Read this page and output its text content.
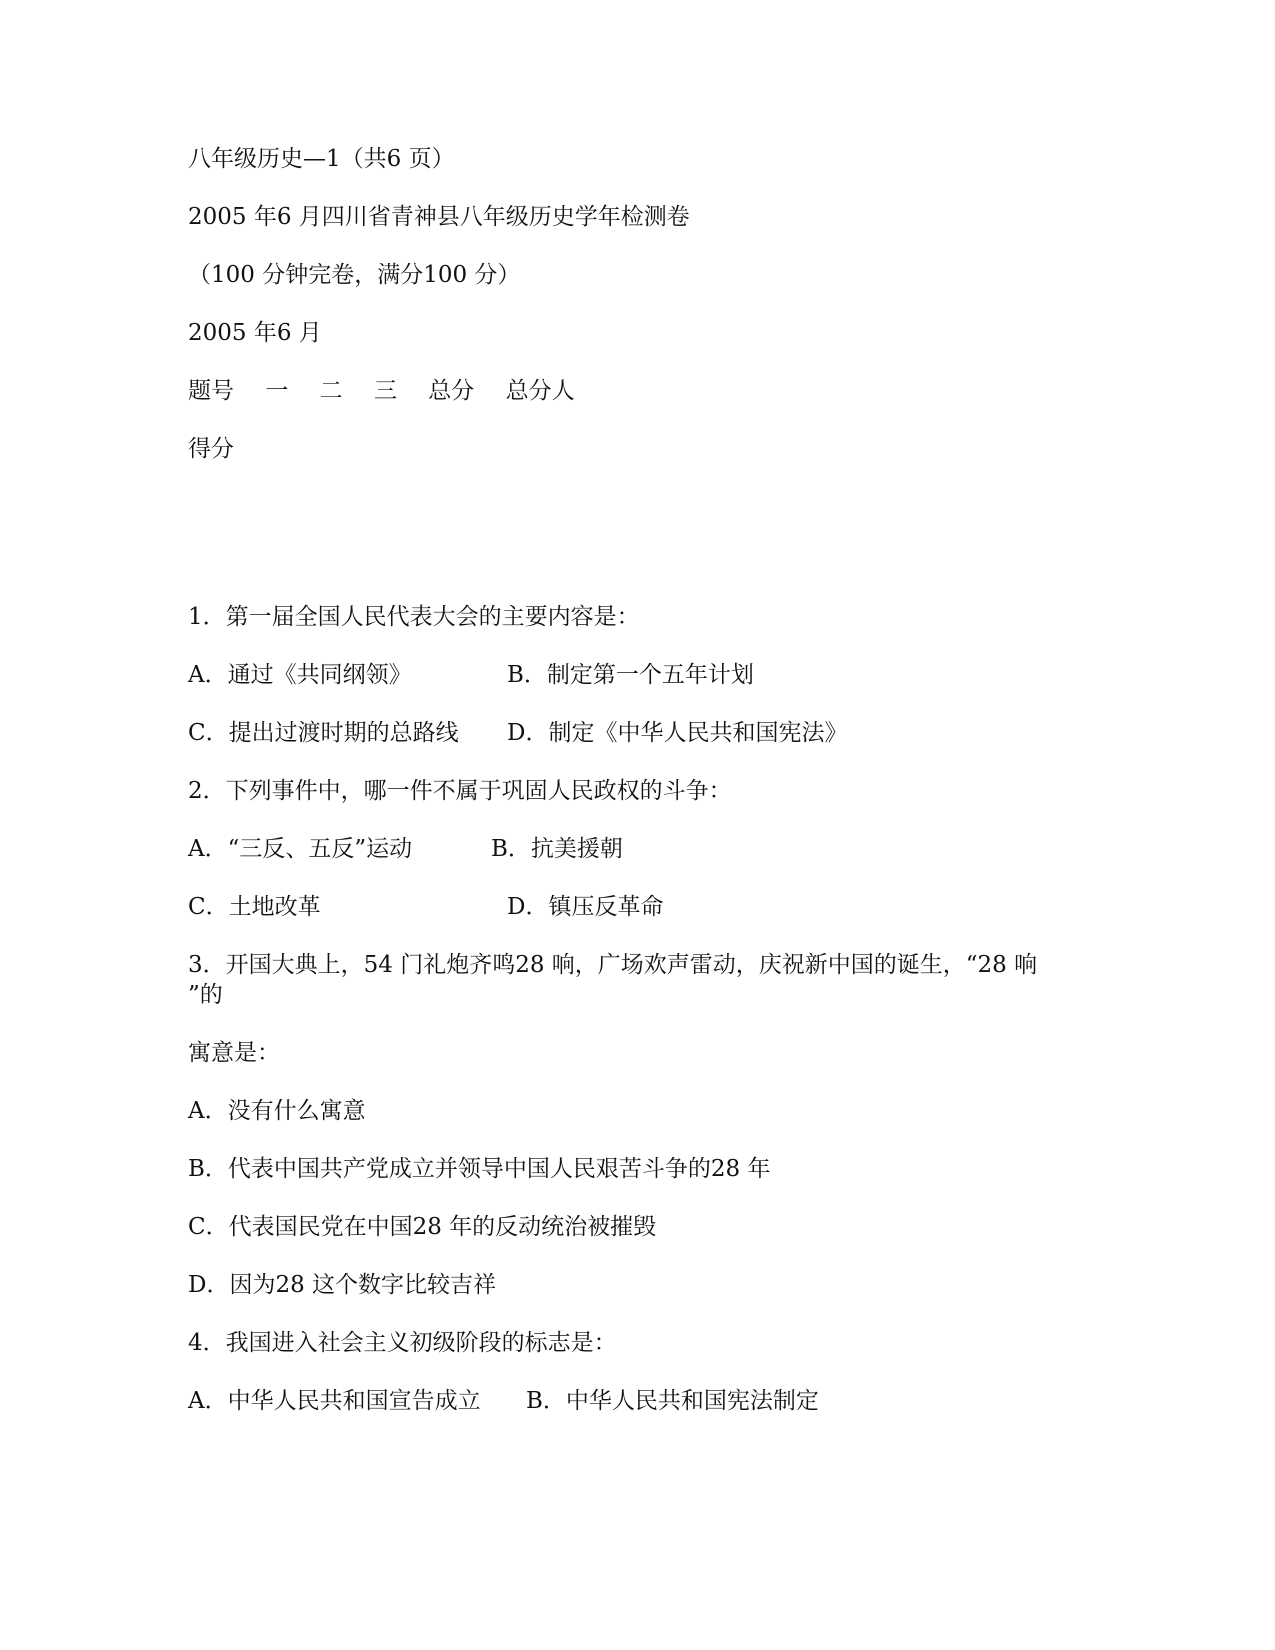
八年级历史—1（共6 页）
2005 年6 月四川省青神县八年级历史学年检测卷
（100 分钟完卷，满分100 分）
2005 年6 月
题号 一 二 三 总分 总分人
得分
1．第一届全国人民代表大会的主要内容是：
A．通过《共同纲领》	B．制定第一个五年计划
C．提出过渡时期的总路线 D．制定《中华人民共和国宪法》
2．下列事件中，哪一件不属于巩固人民政权的斗争：
A．“三反、五反”运动	B．抗美援朝
C．土地改革	D．镇压反革命
3．开国大典上，54 门礼炮齐鸣28 响，广场欢声雷动，庆祝新中国的诞生，“28 响
”的
寓意是：
A．没有什么寓意
B．代表中国共产党成立并领导中国人民艰苦斗争的28 年
C．代表国民党在中国28 年的反动统治被摧毁
D．因为28 这个数字比较吉祥
4．我国进入社会主义初级阶段的标志是：
A．中华人民共和国宣告成立 B．中华人民共和国宪法制定
